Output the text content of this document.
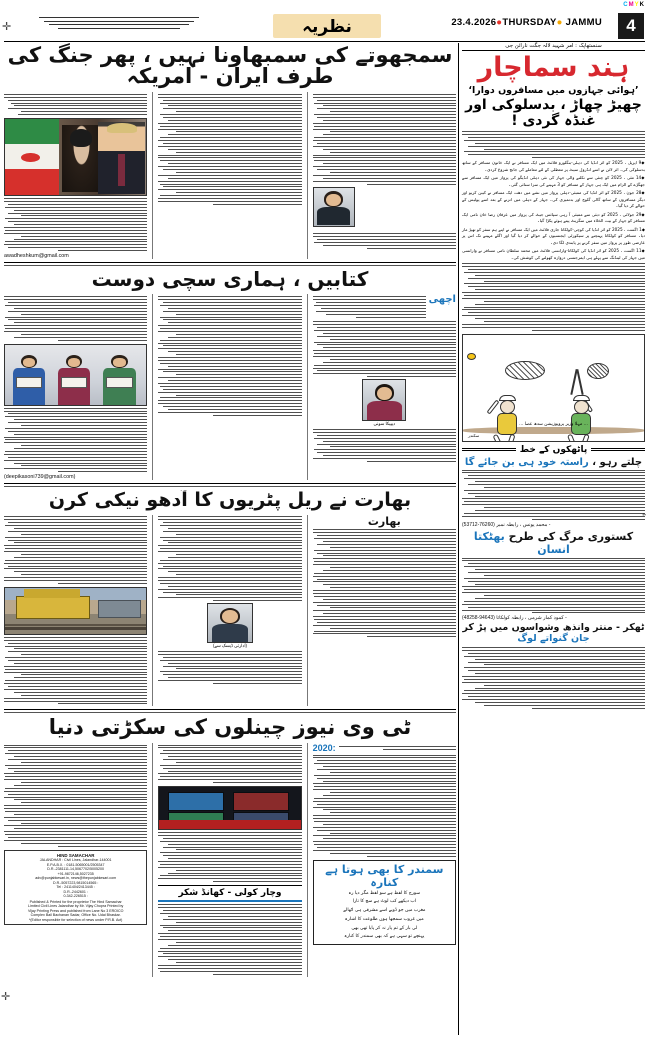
CMYK
✛
✛
نظریہ	23.4.2026●THURSDAY● JAMMU	4
سمجھوتے کی سمبھاونا نہیں ، پھر جنگ کی طرف ایران - امریکہ
awadheshkum@gmail.com

کتابیں ، ہماری سچی دوست
(deepikasoni739@gmail.com)
اچھی
دیپیکا سونی
بھارت نے ریل پٹریوں کا آدھو نیکی کرن
(ادارتی ڈیسک سے)
بھارت
ٹی وی نیوز چینلوں کی سکڑتی دنیا
HIND SAMACHAR
JALANDHAR : Civil Lines, Jalandhar-144001
E.P.A.B.X. : 0181-5065001/2505347
D.R.-2381111-14,5067702/5005200
+91-9872146,5027235
adv@punjabkesari.in, news@thepunjabkesari.com
D.R.-5057223,9815014565 :
Tel : 2411404/2413445 :
D.R.-2442601 :
0-342-226515 :
Published & Printed for the proprietor The Hind Samachar
Limited Civil Lines Jalandhar by Mr. Vijay Chopra Printed by
Vijay Printing Press and published from Lane No 3 EROICO
Complex Bail Bachanan Sadar, Office No. Udai Bhaskar.
*(Editor responsible for selection of news under P.R.B. Act)
وچار کولی - کھانڈ شکر
2020:
سمندر کا بھی ہوتا ہے کنارہ
سورج کا لفظ ہے سو لفظ مگر دیا رہ
اب دیکھے کب لوٹ ہے سچ کا تارا
مغرب میں جو ڈوبے اسے مشرقی ہی اٹھالے
میں غروب سمجھا ہوں طلوعت کا اشارہ
لی بار کے تم پار نہ کر پایا تھی بھی
پہنچے تو سہی ہے کہ بھی سمندر کا کنارہ
سنستھاپک : امر شہید لالہ جگت نارائن جی
ہند سماچار
’ہوائی جہازوں میں مسافروں دوارا‘
چھیڑ چھاڑ ، بدسلوکی اور غنڈہ گردی !
◆9 اپریل ، 2025 کو ائر انڈیا کی دہلی-بنگلورو فلائٹ میں ایک مسافر نے ایک خاتون مسافر کے ساتھ بدسلوکی کی۔ ائر لائن نے اسے انڈرول سیٹ پر معطلی کے لئے معاملے کی جانچ شروع کردی۔
◆14 مئی ، 2025 کو چنئی سے نکلنے والی جہاز کی نئی دہلی انڈیگو کی پرواز میں ایک مسافر سے جھگڑے کے الزام میں ایک ہی جہاز کے مسافر کو 3 مہینے کی سزا سنائی گئی۔
◆28 جون ، 2025 کو ائر انڈیا کی ممبئی-دہلی پرواز میں نشے میں دھت ایک مسافر نے کیبن کریو اور دیگر مسافروں کے ساتھ گالی گلوچ اور بدتمیزی کی۔ جہاز کے دہلی میں اترنے کے بعد اسے پولیس کے حوالے کر دیا گیا۔
◆29 جولائی ، 2025 کو دبئی سے ممبئی آ رہی سپائس جیٹ کی پرواز میں عرفان رضا خان نامی ایک مسافر کو جہاز کے بیت الخلاء میں سگریٹ پیتے ہوئے پکڑا گیا۔
◆1 اگست ، 2025 کو ائر انڈیا کی کوچی-کولکاتا جاری فلائٹ میں ایک مسافر نے اپنے ہم سفر کو تھپڑ مار دیا۔ مسافر کو کولکاتا پہنچنے پر سیکورٹی ایجنسیوں کے حوالے کر دیا گیا اور اگلے مہینے تک اس پر عارضی طور پر پرواز میں سفر کرنے پر پابندی لگا دی۔
◆11 اگست ، 2025 کو ائر انڈیا کی کولکاتا-وارانسی فلائٹ میں محمد سلطان نامی مسافر نے وارانسی میں جہاز کی لینڈنگ سے پہلے ہی ایمرجنسی دروازہ کھولنے کی کوشش کی۔
... مہلا وزیر پروپوزیشن سدھ عصا ...
سکندر
پاٹھکوں کے خط
چلتے رہو ، راستہ خود ہی بن جائے گا
- محمد یونس ، رابطہ نمبر (76260-53712)
کستوری مرگ کی طرح بھٹکتا انسان
- کمود کمار شرمی ، رابطہ کولکاتا (94643-48258)
ٹھکر - منتر وانذھ وشواسوں میں پڑ کر جان گنواتے لوگ
4
